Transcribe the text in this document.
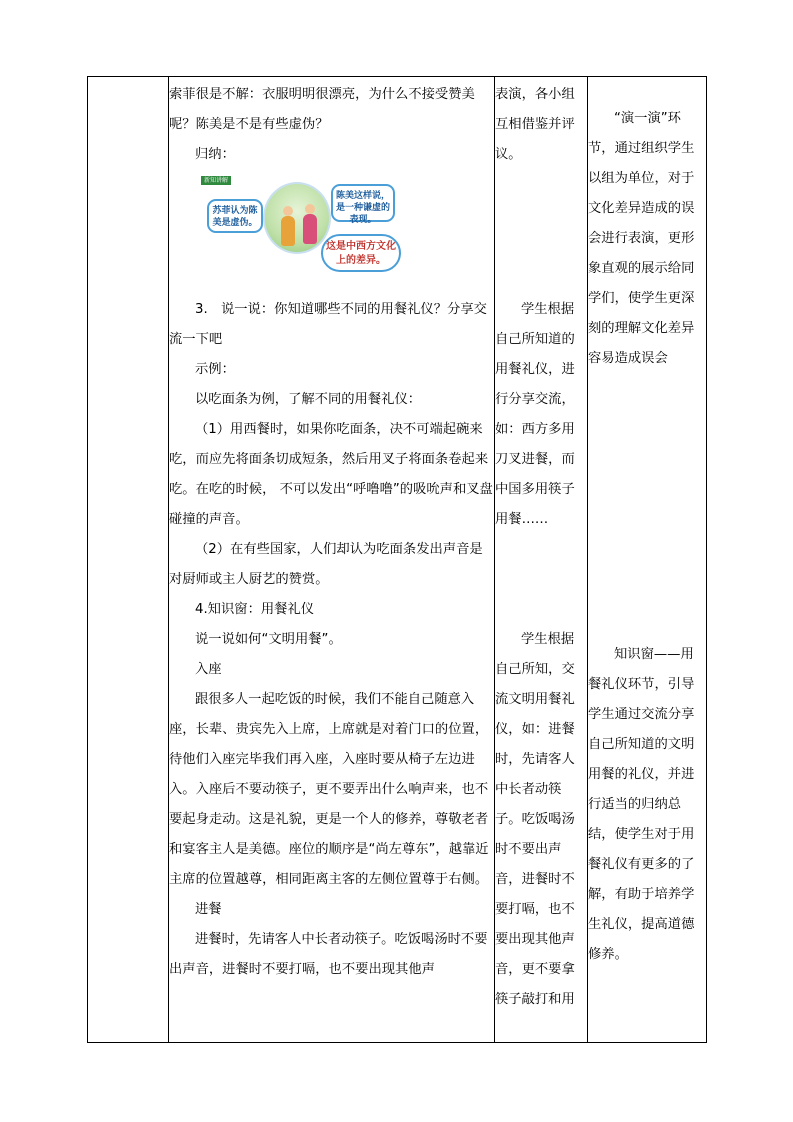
索菲很是不解：衣服明明很漂亮，为什么不接受赞美呢？陈美是不是有些虚伪？

归纳：

新知讲解
苏菲认为陈美是虚伪。
陈美这样说，是一种谦虚的表现。
这是中西方文化上的差异。

3.　说一说：你知道哪些不同的用餐礼仪？分享交流一下吧

示例：

以吃面条为例，了解不同的用餐礼仪：

（1）用西餐时，如果你吃面条，决不可端起碗来吃，而应先将面条切成短条，然后用叉子将面条卷起来吃。在吃的时候， 不可以发出“呼噜噜”的吸吮声和叉盘碰撞的声音。

（2）在有些国家，人们却认为吃面条发出声音是对厨师或主人厨艺的赞赏。

4.知识窗：用餐礼仪

说一说如何“文明用餐”。

入座

跟很多人一起吃饭的时候，我们不能自己随意入座，长辈、贵宾先入上席，上席就是对着门口的位置，待他们入座完毕我们再入座，入座时要从椅子左边进入。入座后不要动筷子，更不要弄出什么响声来，也不要起身走动。这是礼貌，更是一个人的修养，尊敬老者和宴客主人是美德。座位的顺序是“尚左尊东”，越靠近主席的位置越尊，相同距离主客的左侧位置尊于右侧。

进餐

进餐时，先请客人中长者动筷子。吃饭喝汤时不要出声音，进餐时不要打嗝，也不要出现其他声

表演，各小组互相借鉴并评议。

学生根据自己所知道的用餐礼仪，进行分享交流，如：西方多用刀叉进餐，而中国多用筷子用餐……

学生根据自己所知，交流文明用餐礼仪，如：进餐时，先请客人中长者动筷子。吃饭喝汤时不要出声音，进餐时不要打嗝，也不要出现其他声音，更不要拿筷子敲打和用

“演一演”环节，通过组织学生以组为单位，对于文化差异造成的误会进行表演，更形象直观的展示给同学们，使学生更深刻的理解文化差异容易造成误会

知识窗——用餐礼仪环节，引导学生通过交流分享自己所知道的文明用餐的礼仪，并进行适当的归纳总结，使学生对于用餐礼仪有更多的了解，有助于培养学生礼仪，提高道德修养。
